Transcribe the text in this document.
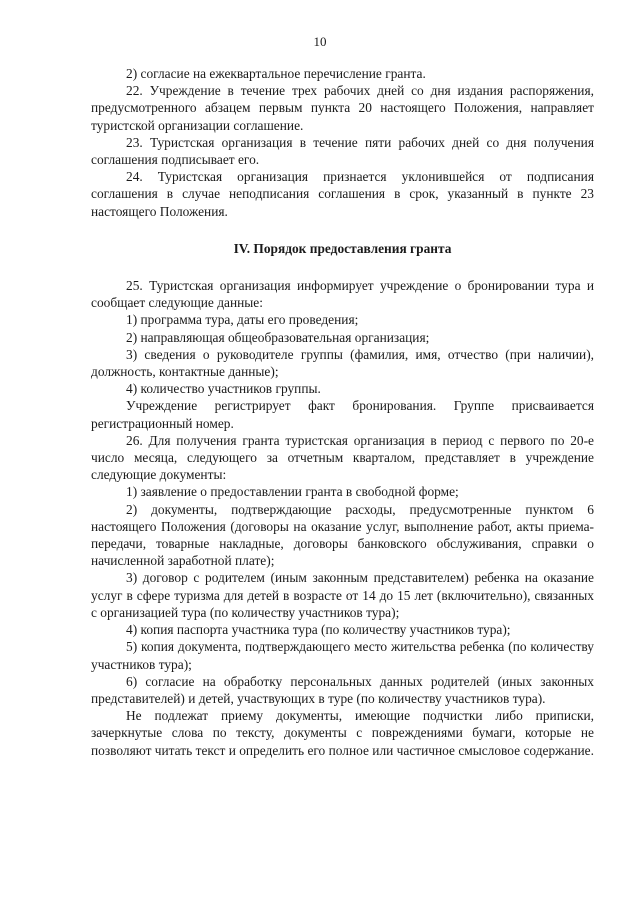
10

2) согласие на ежеквартальное перечисление гранта.

22. Учреждение в течение трех рабочих дней со дня издания распоряжения, предусмотренного абзацем первым пункта 20 настоящего Положения, направляет туристской организации соглашение.

23. Туристская организация в течение пяти рабочих дней со дня получения соглашения подписывает его.

24. Туристская организация признается уклонившейся от подписания соглашения в случае неподписания соглашения в срок, указанный в пункте 23 настоящего Положения.

IV. Порядок предоставления гранта

25. Туристская организация информирует учреждение о бронировании тура и сообщает следующие данные:

1) программа тура, даты его проведения;

2) направляющая общеобразовательная организация;

3) сведения о руководителе группы (фамилия, имя, отчество (при наличии), должность, контактные данные);

4) количество участников группы.

Учреждение регистрирует факт бронирования. Группе присваивается регистрационный номер.

26. Для получения гранта туристская организация в период с первого по 20-е число месяца, следующего за отчетным кварталом, представляет в учреждение следующие документы:

1) заявление о предоставлении гранта в свободной форме;

2) документы, подтверждающие расходы, предусмотренные пунктом 6 настоящего Положения (договоры на оказание услуг, выполнение работ, акты приема-передачи, товарные накладные, договоры банковского обслуживания, справки о начисленной заработной плате);

3) договор с родителем (иным законным представителем) ребенка на оказание услуг в сфере туризма для детей в возрасте от 14 до 15 лет (включительно), связанных с организацией тура (по количеству участников тура);

4) копия паспорта участника тура (по количеству участников тура);

5) копия документа, подтверждающего место жительства ребенка (по количеству участников тура);

6) согласие на обработку персональных данных родителей (иных законных представителей) и детей, участвующих в туре (по количеству участников тура).

Не подлежат приему документы, имеющие подчистки либо приписки, зачеркнутые слова по тексту, документы с повреждениями бумаги, которые не позволяют читать текст и определить его полное или частичное смысловое содержание.
